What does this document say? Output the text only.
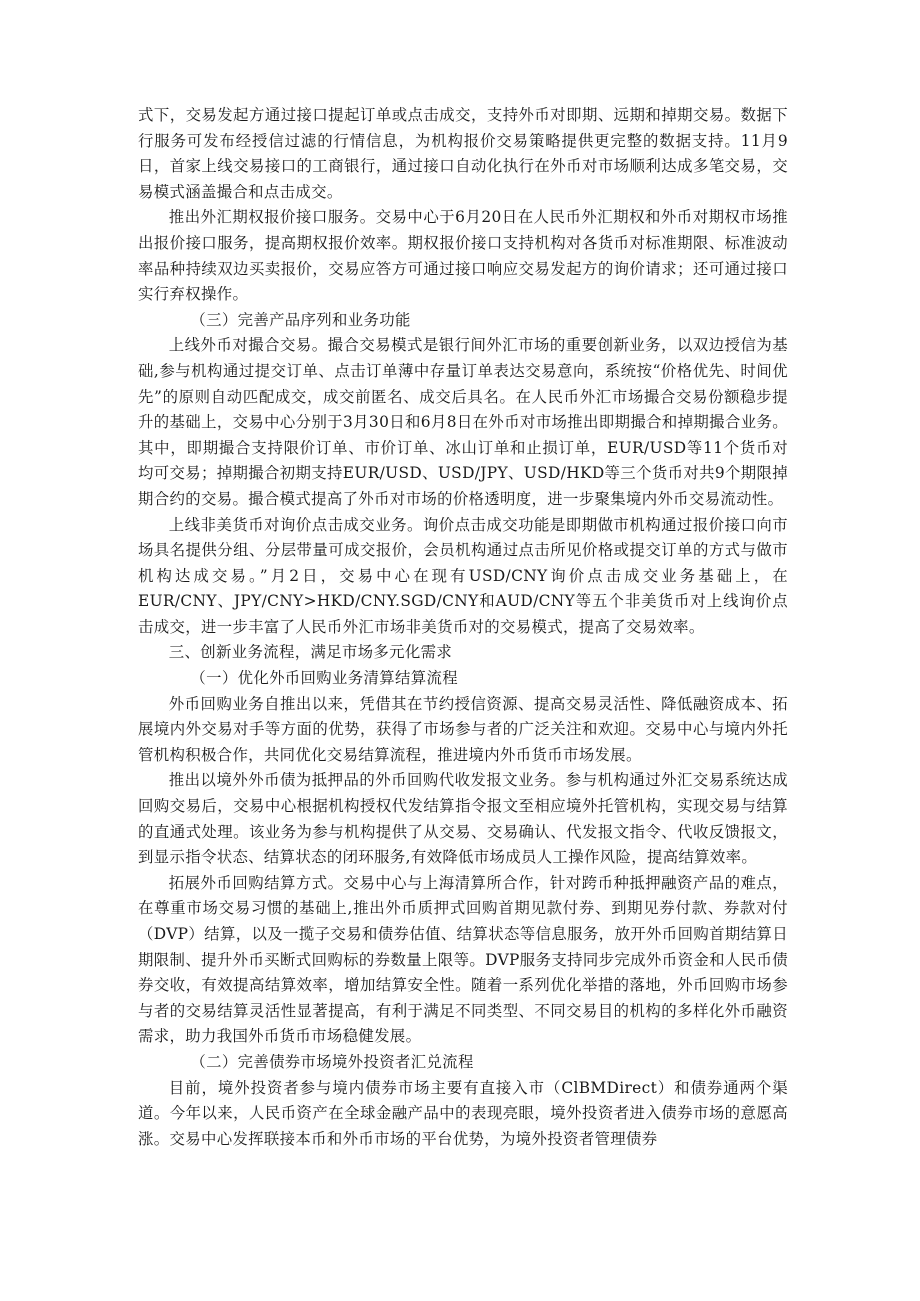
式下，交易发起方通过接口提起订单或点击成交，支持外币对即期、远期和掉期交易。数据下行服务可发布经授信过滤的行情信息，为机构报价交易策略提供更完整的数据支持。11月9日，首家上线交易接口的工商银行，通过接口自动化执行在外币对市场顺利达成多笔交易，交易模式涵盖撮合和点击成交。

推出外汇期权报价接口服务。交易中心于6月20日在人民币外汇期权和外币对期权市场推出报价接口服务，提高期权报价效率。期权报价接口支持机构对各货币对标准期限、标准波动率品种持续双边买卖报价，交易应答方可通过接口响应交易发起方的询价请求；还可通过接口实行弃权操作。

（三）完善产品序列和业务功能

上线外币对撮合交易。撮合交易模式是银行间外汇市场的重要创新业务，以双边授信为基础,参与机构通过提交订单、点击订单薄中存量订单表达交易意向，系统按“价格优先、时间优先”的原则自动匹配成交，成交前匿名、成交后具名。在人民币外汇市场撮合交易份额稳步提升的基础上，交易中心分别于3月30日和6月8日在外币对市场推出即期撮合和掉期撮合业务。其中，即期撮合支持限价订单、市价订单、冰山订单和止损订单，EUR/USD等11个货币对均可交易；掉期撮合初期支持EUR/USD、USD/JPY、USD/HKD等三个货币对共9个期限掉期合约的交易。撮合模式提高了外币对市场的价格透明度，进一步聚集境内外币交易流动性。

上线非美货币对询价点击成交业务。询价点击成交功能是即期做市机构通过报价接口向市场具名提供分组、分层带量可成交报价，会员机构通过点击所见价格或提交订单的方式与做市机构达成交易。”月2日，交易中心在现有USD/CNY询价点击成交业务基础上，在EUR/CNY、JPY∕CNY>HKD/CNY.SGD/CNY和AUD/CNY等五个非美货币对上线询价点击成交，进一步丰富了人民币外汇市场非美货币对的交易模式，提高了交易效率。

三、创新业务流程，满足市场多元化需求

（一）优化外币回购业务清算结算流程

外币回购业务自推出以来，凭借其在节约授信资源、提高交易灵活性、降低融资成本、拓展境内外交易对手等方面的优势，获得了市场参与者的广泛关注和欢迎。交易中心与境内外托管机构积极合作，共同优化交易结算流程，推进境内外币货币市场发展。

推出以境外外币债为抵押品的外币回购代收发报文业务。参与机构通过外汇交易系统达成回购交易后，交易中心根据机构授权代发结算指令报文至相应境外托管机构，实现交易与结算的直通式处理。该业务为参与机构提供了从交易、交易确认、代发报文指令、代收反馈报文，到显示指令状态、结算状态的闭环服务,有效降低市场成员人工操作风险，提高结算效率。

拓展外币回购结算方式。交易中心与上海清算所合作，针对跨币种抵押融资产品的难点，在尊重市场交易习惯的基础上,推出外币质押式回购首期见款付券、到期见券付款、券款对付（DVP）结算，以及一揽子交易和债券估值、结算状态等信息服务，放开外币回购首期结算日期限制、提升外币买断式回购标的券数量上限等。DVP服务支持同步完成外币资金和人民币债券交收，有效提高结算效率，增加结算安全性。随着一系列优化举措的落地，外币回购市场参与者的交易结算灵活性显著提高，有利于满足不同类型、不同交易目的机构的多样化外币融资需求，助力我国外币货币市场稳健发展。

（二）完善债券市场境外投资者汇兑流程

目前，境外投资者参与境内债券市场主要有直接入市（ClBMDirect）和债券通两个渠道。今年以来，人民币资产在全球金融产品中的表现亮眼，境外投资者进入债券市场的意愿高涨。交易中心发挥联接本币和外币市场的平台优势，为境外投资者管理债券
